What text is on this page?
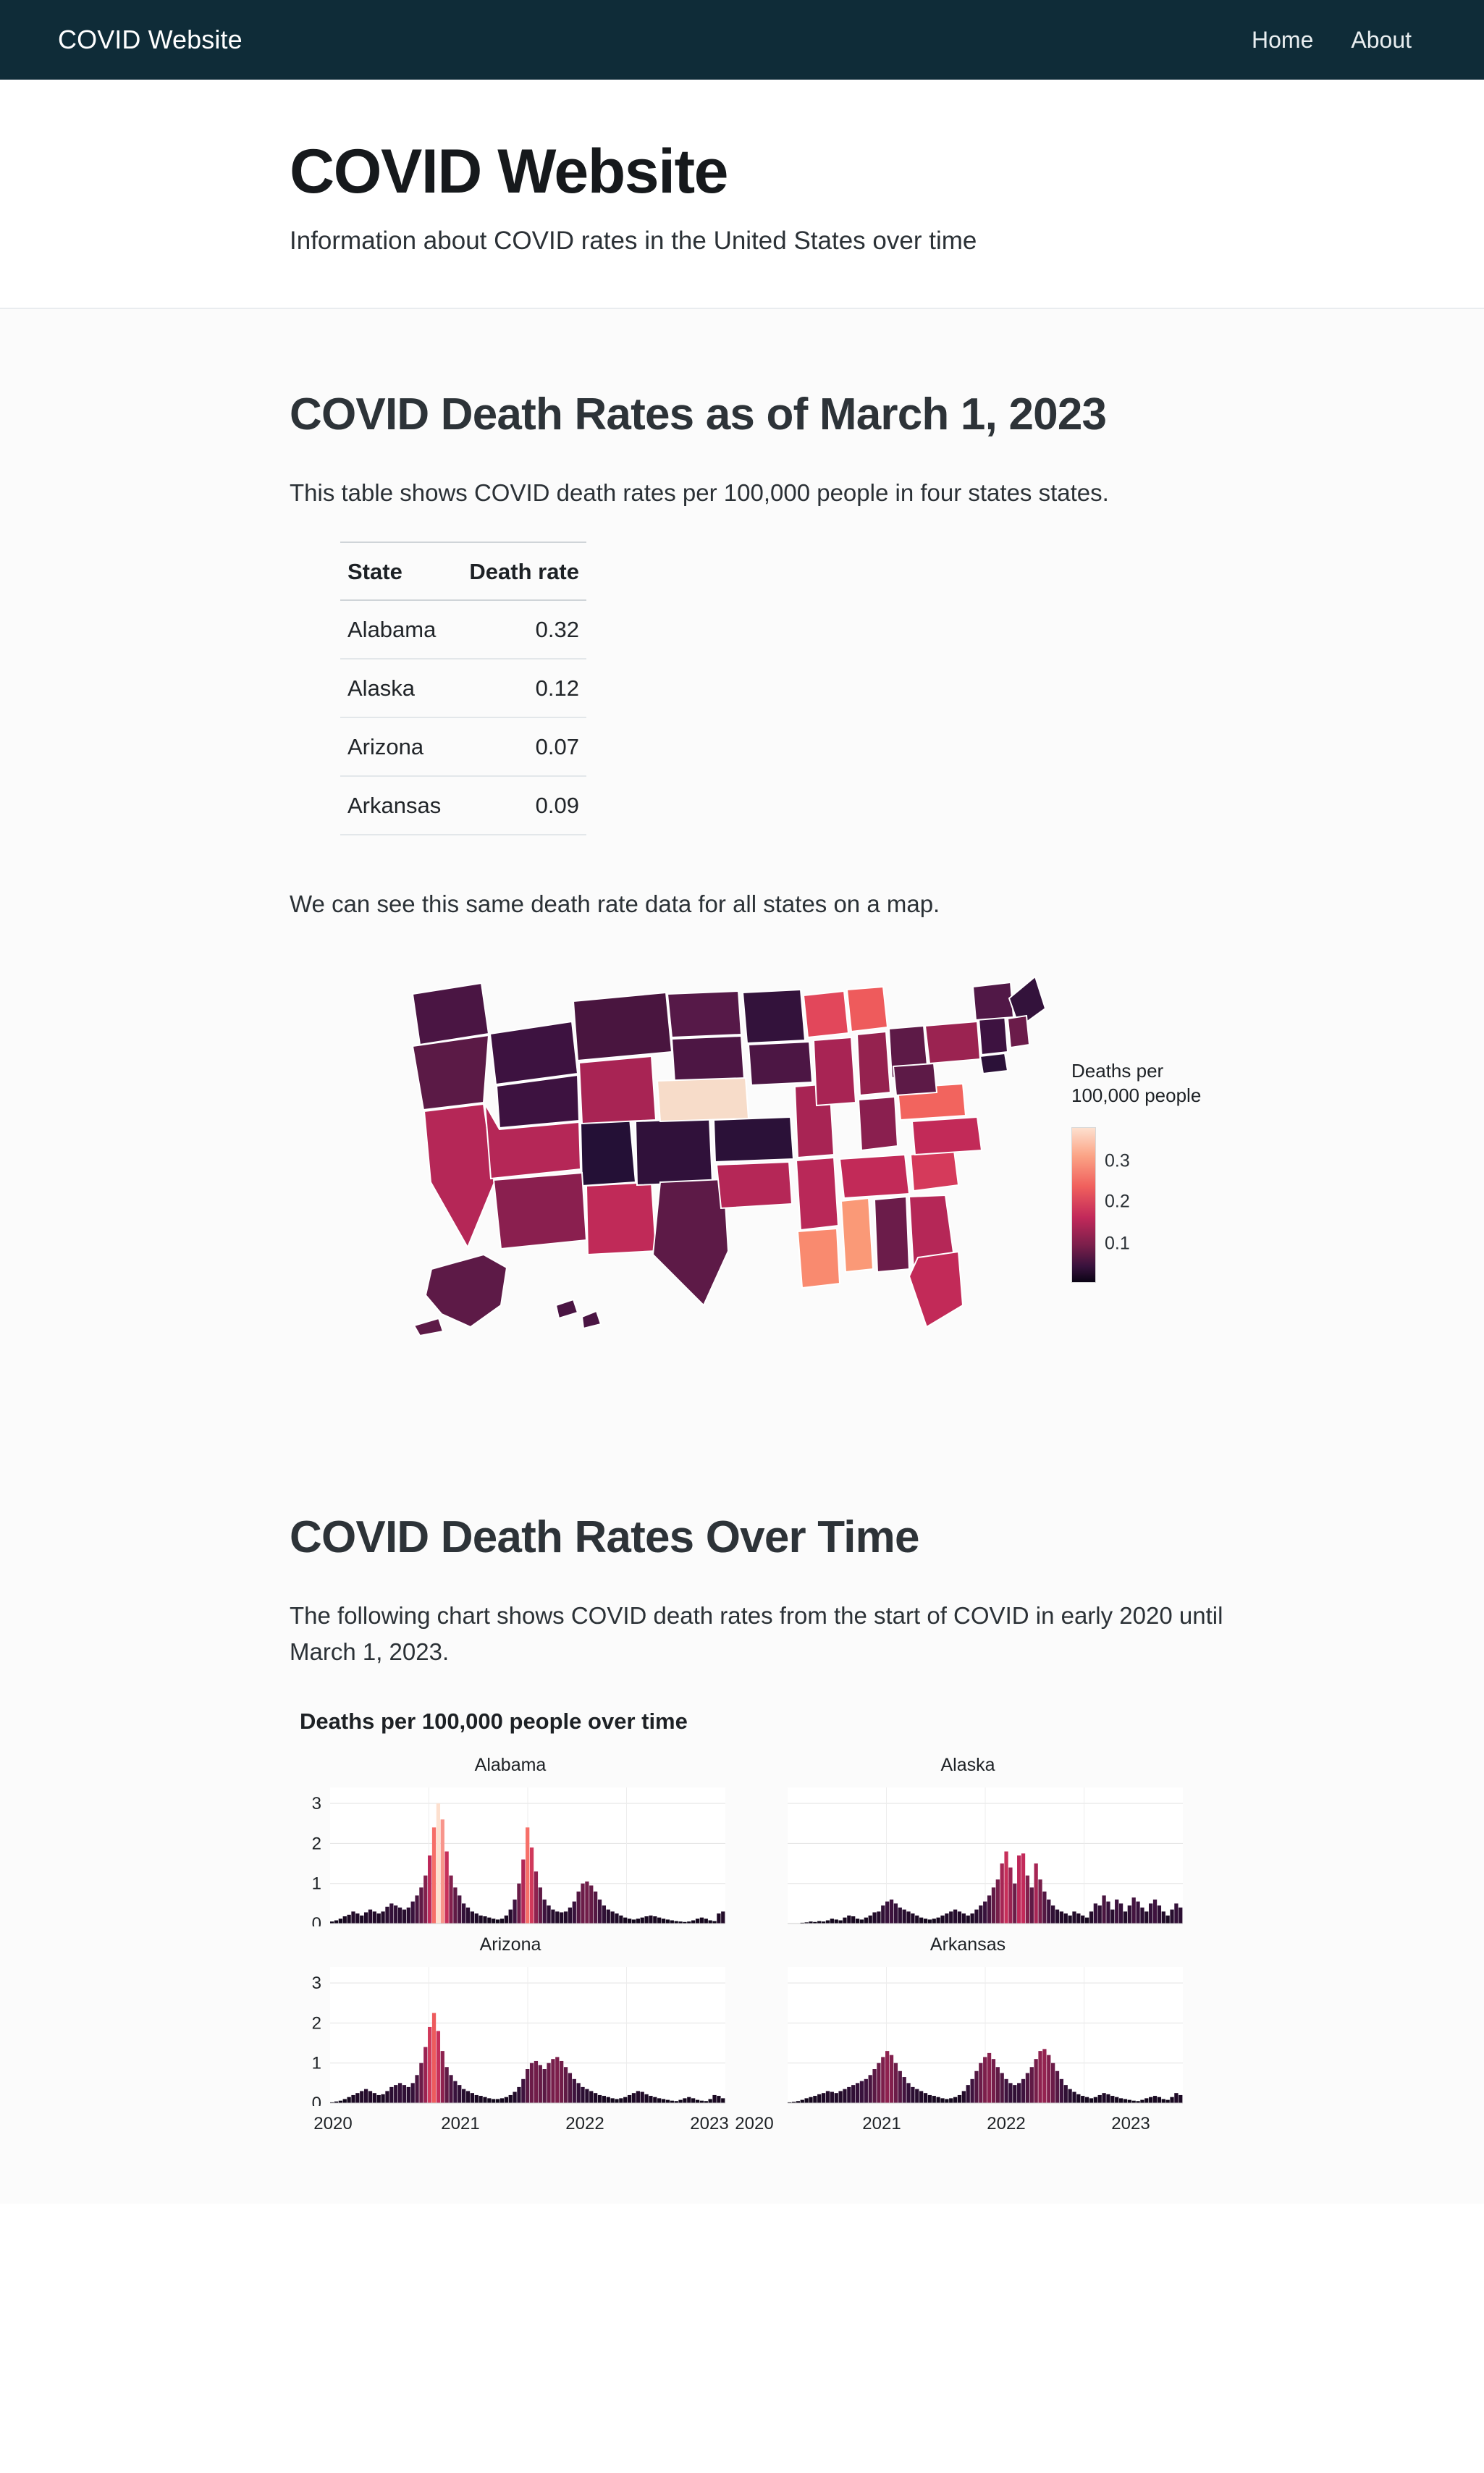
COVID Website	Home About
COVID Website

Information about COVID rates in the United States over time

COVID Death Rates as of March 1, 2023

This table shows COVID death rates per 100,000 people in four states states.

State	Death rate
Alabama	0.32
Alaska	0.12
Arizona	0.07
Arkansas	0.09

We can see this same death rate data for all states on a map.

Deaths per
100,000 people
0.3
0.2
0.1
COVID Death Rates Over Time

The following chart shows COVID death rates from the start of COVID in early 2020 until March 1, 2023.

Deaths per 100,000 people over time
Alabama
0
1
2
3
Alaska
Arizona
0
1
2
3
Arkansas
2020	2021	2022	2023 2020	2021	2022	2023
